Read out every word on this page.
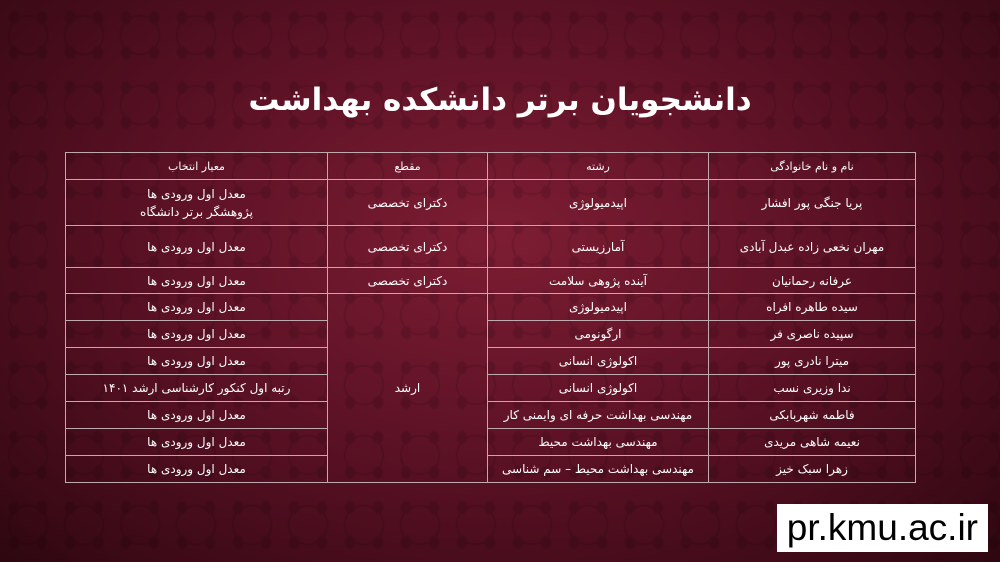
دانشجویان برتر دانشکده بهداشت
نام و نام خانوادگی	رشته	مقطع	معیار انتخاب
پریا جنگی پور افشار	اپیدمیولوژی	دکترای تخصصی	معدل اول ورودی ها
پژوهشگر برتر دانشگاه

مهران نخعی زاده عبدل آبادی	آمارزیستی	دکترای تخصصی	معدل اول ورودی ها

عرفانه رحمانیان	آینده پژوهی سلامت	دکترای تخصصی	معدل اول ورودی ها

سیده طاهره افراه	اپیدمیولوژی	ارشد	معدل اول ورودی ها
سپیده ناصری فر	ارگونومی		معدل اول ورودی ها
میترا نادری پور	اکولوژی انسانی		معدل اول ورودی ها
ندا وزیری نسب	اکولوژی انسانی		رتبه اول کنکور کارشناسی ارشد ۱۴۰۱
فاطمه شهربابکی	مهندسی بهداشت حرفه ای وایمنی کار		معدل اول ورودی ها
نعیمه شاهی مریدی	مهندسی بهداشت محیط		معدل اول ورودی ها
زهرا سبک خیز	مهندسی بهداشت محیط – سم شناسی		معدل اول ورودی ها
pr.kmu.ac.ir
